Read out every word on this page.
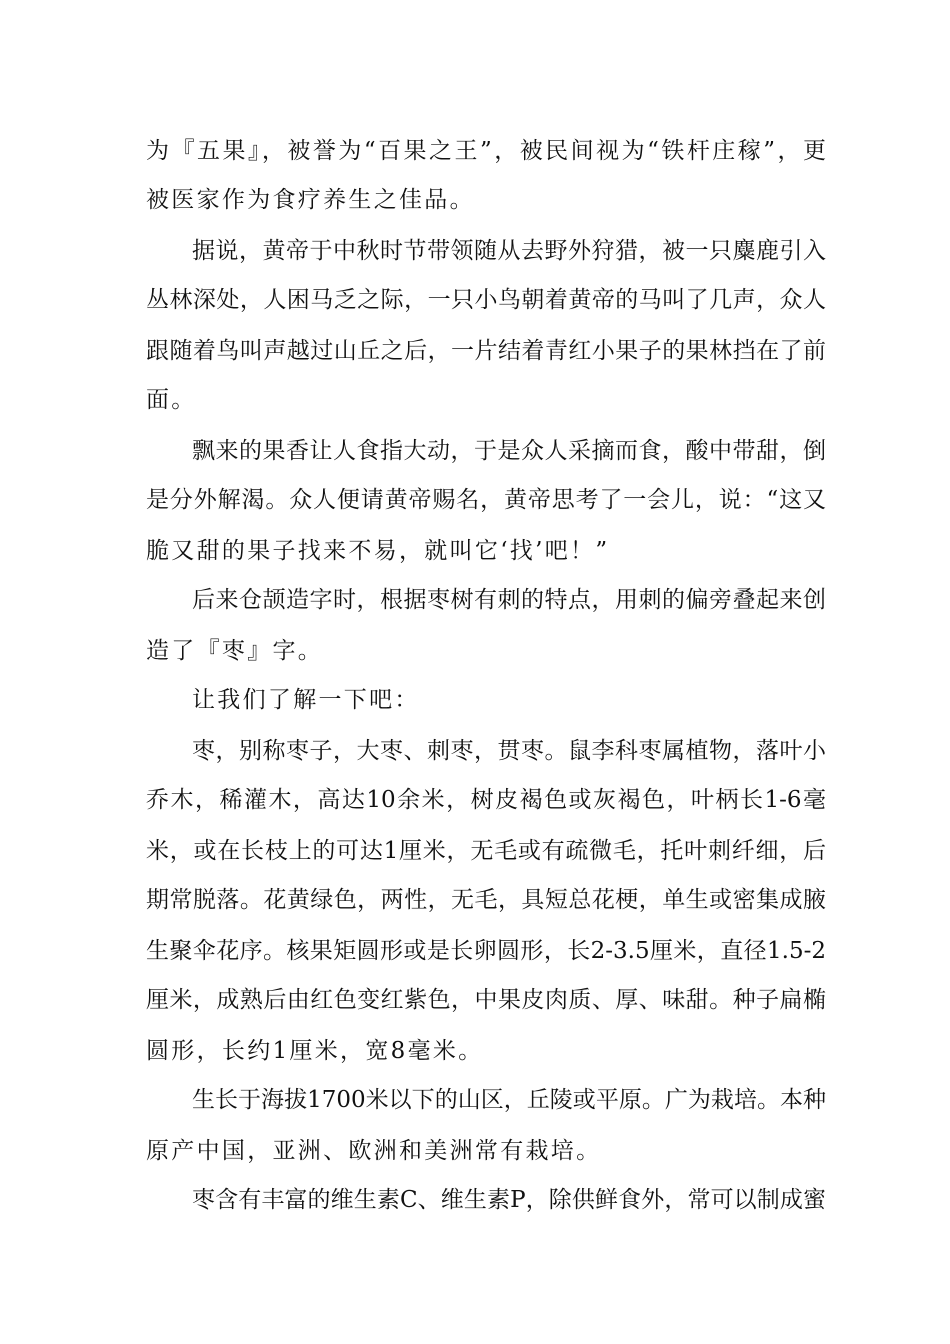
为『五果』，被誉为“百果之王”，被民间视为“铁杆庄稼”，更
被医家作为食疗养生之佳品。
据说，黄帝于中秋时节带领随从去野外狩猎，被一只麋鹿引入
丛林深处，人困马乏之际，一只小鸟朝着黄帝的马叫了几声，众人
跟随着鸟叫声越过山丘之后，一片结着青红小果子的果林挡在了前
面。
飘来的果香让人食指大动，于是众人采摘而食，酸中带甜，倒
是分外解渴。众人便请黄帝赐名，黄帝思考了一会儿，说：“这又
脆又甜的果子找来不易，就叫它‘找’吧！”
后来仓颉造字时，根据枣树有刺的特点，用刺的偏旁叠起来创
造了『枣』字。
让我们了解一下吧：
枣，别称枣子，大枣、刺枣，贯枣。鼠李科枣属植物，落叶小
乔木，稀灌木，高达10余米，树皮褐色或灰褐色，叶柄长1-6毫
米，或在长枝上的可达1厘米，无毛或有疏微毛，托叶刺纤细，后
期常脱落。花黄绿色，两性，无毛，具短总花梗，单生或密集成腋
生聚伞花序。核果矩圆形或是长卵圆形，长2-3.5厘米，直径1.5-2
厘米，成熟后由红色变红紫色，中果皮肉质、厚、味甜。种子扁椭
圆形，长约1厘米，宽8毫米。
生长于海拔1700米以下的山区，丘陵或平原。广为栽培。本种
原产中国，亚洲、欧洲和美洲常有栽培。
枣含有丰富的维生素C、维生素P，除供鲜食外，常可以制成蜜
